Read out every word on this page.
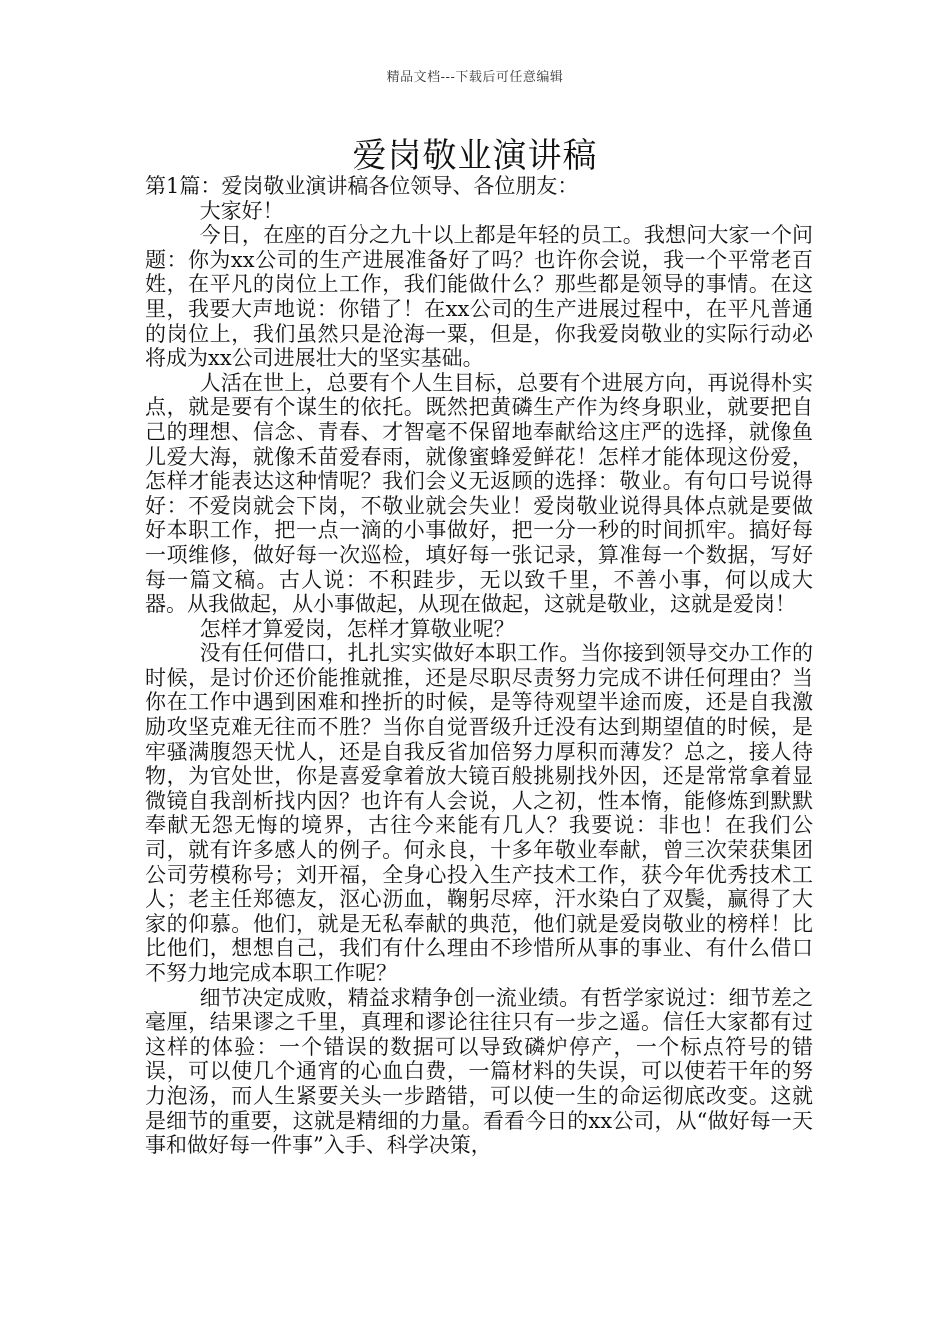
精品文档---下载后可任意编辑
爱岗敬业演讲稿

第1篇：爱岗敬业演讲稿各位领导、各位朋友：

大家好！

今日，在座的百分之九十以上都是年轻的员工。我想问大家一个问题：你为xx公司的生产进展准备好了吗？也许你会说，我一个平常老百姓，在平凡的岗位上工作，我们能做什么？那些都是领导的事情。在这里，我要大声地说：你错了！在xx公司的生产进展过程中，在平凡普通的岗位上，我们虽然只是沧海一粟，但是，你我爱岗敬业的实际行动必将成为xx公司进展壮大的坚实基础。

人活在世上，总要有个人生目标，总要有个进展方向，再说得朴实点，就是要有个谋生的依托。既然把黄磷生产作为终身职业，就要把自己的理想、信念、青春、才智毫不保留地奉献给这庄严的选择，就像鱼儿爱大海，就像禾苗爱春雨，就像蜜蜂爱鲜花！怎样才能体现这份爱，怎样才能表达这种情呢？我们会义无返顾的选择：敬业。有句口号说得好：不爱岗就会下岗，不敬业就会失业！爱岗敬业说得具体点就是要做好本职工作，把一点一滴的小事做好，把一分一秒的时间抓牢。搞好每一项维修，做好每一次巡检，填好每一张记录，算准每一个数据，写好每一篇文稿。古人说：不积跬步，无以致千里，不善小事，何以成大器。从我做起，从小事做起，从现在做起，这就是敬业，这就是爱岗！

怎样才算爱岗，怎样才算敬业呢？

没有任何借口，扎扎实实做好本职工作。当你接到领导交办工作的时候，是讨价还价能推就推，还是尽职尽责努力完成不讲任何理由？当你在工作中遇到困难和挫折的时候，是等待观望半途而废，还是自我激励攻坚克难无往而不胜？当你自觉晋级升迁没有达到期望值的时候，是牢骚满腹怨天忧人，还是自我反省加倍努力厚积而薄发？总之，接人待物，为官处世，你是喜爱拿着放大镜百般挑剔找外因，还是常常拿着显微镜自我剖析找内因？也许有人会说，人之初，性本惰，能修炼到默默奉献无怨无悔的境界，古往今来能有几人？我要说：非也！在我们公司，就有许多感人的例子。何永良，十多年敬业奉献，曾三次荣获集团公司劳模称号；刘开福，全身心投入生产技术工作，获今年优秀技术工人；老主任郑德友，沤心沥血，鞠躬尽瘁，汗水染白了双鬓，赢得了大家的仰慕。他们，就是无私奉献的典范，他们就是爱岗敬业的榜样！比比他们，想想自己，我们有什么理由不珍惜所从事的事业、有什么借口不努力地完成本职工作呢？

细节决定成败，精益求精争创一流业绩。有哲学家说过：细节差之毫厘，结果谬之千里，真理和谬论往往只有一步之遥。信任大家都有过这样的体验：一个错误的数据可以导致磷炉停产，一个标点符号的错误，可以使几个通宵的心血白费，一篇材料的失误，可以使若干年的努力泡汤，而人生紧要关头一步踏错，可以使一生的命运彻底改变。这就是细节的重要，这就是精细的力量。看看今日的xx公司，从“做好每一天事和做好每一件事”入手、科学决策，
